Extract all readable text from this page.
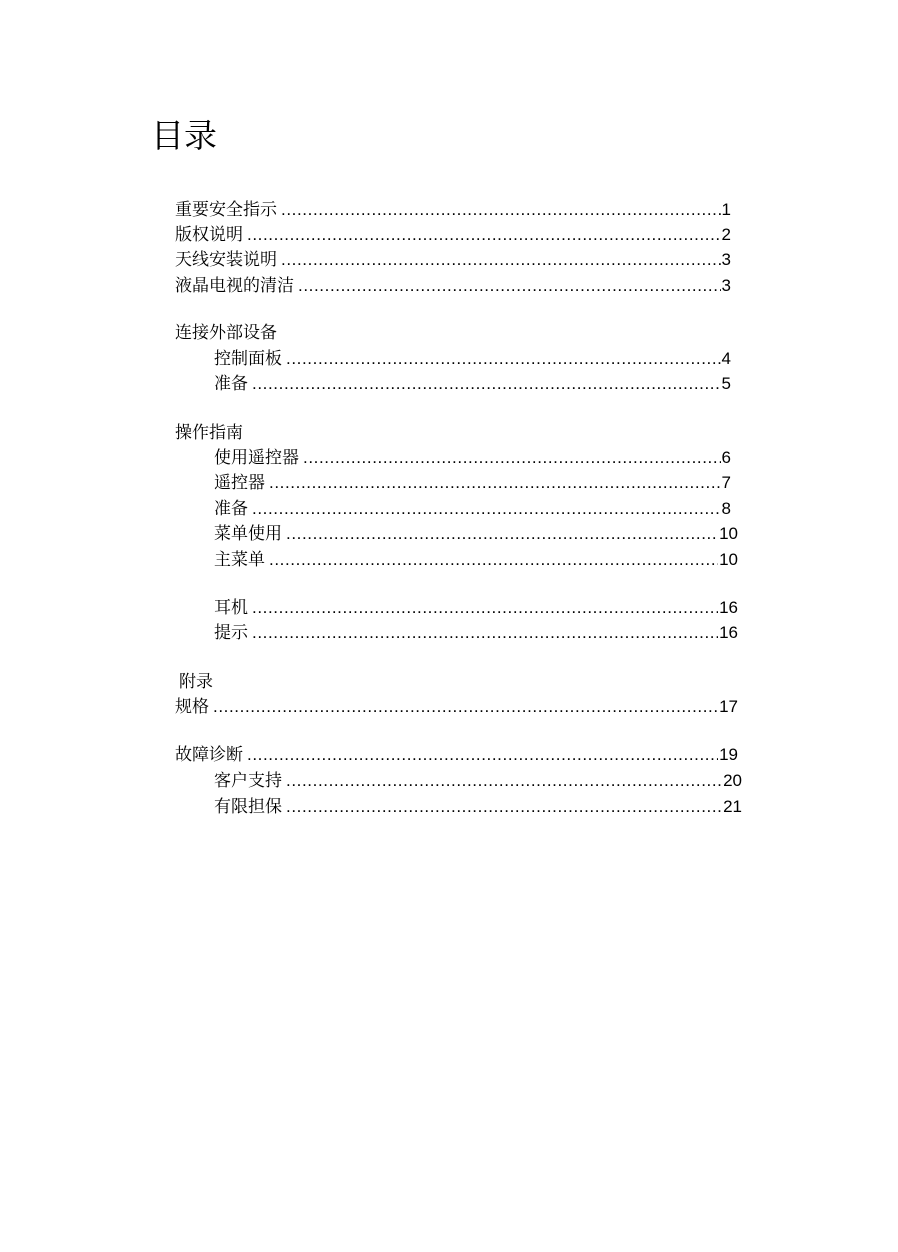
目录
重要安全指示 .....	1
版权说明 .....	2
天线安装说明 .....	3
液晶电视的清洁 .....	3
连接外部设备
控制面板 .....	4
准备 .....	5
操作指南
使用遥控器 .....	6
遥控器 .....	7
准备 .....	8
菜单使用 .....	10
主菜单 .....	10
耳机 .....	16
提示 .....	16
附录
规格 .....	17
故障诊断 .....	19
客户支持 .....	20
有限担保 .....	21
